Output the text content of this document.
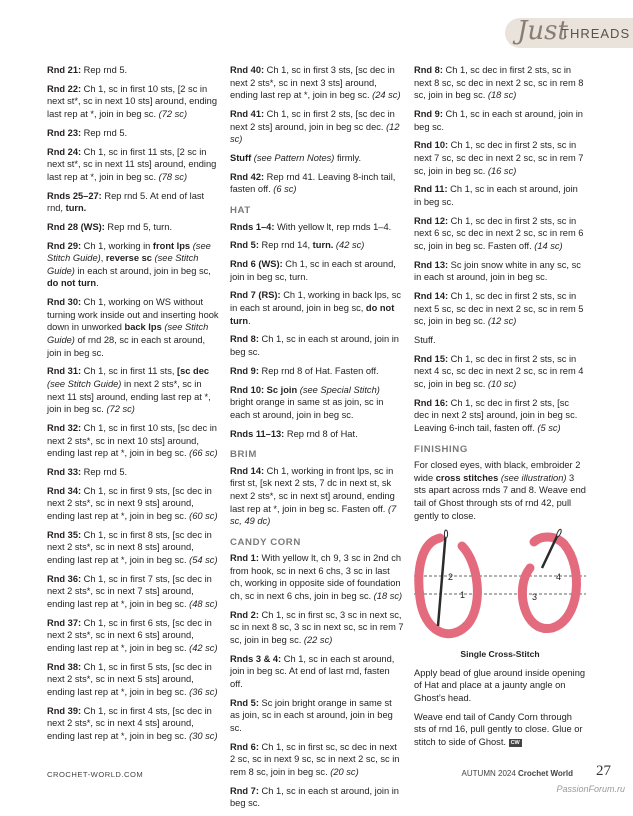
Just
THREADS

Rnd 21: Rep rnd 5.

Rnd 22: Ch 1, sc in first 10 sts, [2 sc in next st*, sc in next 10 sts] around, ending last rep at *, join in beg sc. (72 sc)

Rnd 23: Rep rnd 5.

Rnd 24: Ch 1, sc in first 11 sts, [2 sc in next st*, sc in next 11 sts] around, ending last rep at *, join in beg sc. (78 sc)

Rnds 25–27: Rep rnd 5. At end of last rnd, turn.

Rnd 28 (WS): Rep rnd 5, turn.

Rnd 29: Ch 1, working in front lps (see Stitch Guide), reverse sc (see Stitch Guide) in each st around, join in beg sc, do not turn.

Rnd 30: Ch 1, working on WS without turning work inside out and inserting hook down in unworked back lps (see Stitch Guide) of rnd 28, sc in each st around, join in beg sc.

Rnd 31: Ch 1, sc in first 11 sts, [sc dec (see Stitch Guide) in next 2 sts*, sc in next 11 sts] around, ending last rep at *, join in beg sc. (72 sc)

Rnd 32: Ch 1, sc in first 10 sts, [sc dec in next 2 sts*, sc in next 10 sts] around, ending last rep at *, join in beg sc. (66 sc)

Rnd 33: Rep rnd 5.

Rnd 34: Ch 1, sc in first 9 sts, [sc dec in next 2 sts*, sc in next 9 sts] around, ending last rep at *, join in beg sc. (60 sc)

Rnd 35: Ch 1, sc in first 8 sts, [sc dec in next 2 sts*, sc in next 8 sts] around, ending last rep at *, join in beg sc. (54 sc)

Rnd 36: Ch 1, sc in first 7 sts, [sc dec in next 2 sts*, sc in next 7 sts] around, ending last rep at *, join in beg sc. (48 sc)

Rnd 37: Ch 1, sc in first 6 sts, [sc dec in next 2 sts*, sc in next 6 sts] around, ending last rep at *, join in beg sc. (42 sc)

Rnd 38: Ch 1, sc in first 5 sts, [sc dec in next 2 sts*, sc in next 5 sts] around, ending last rep at *, join in beg sc. (36 sc)

Rnd 39: Ch 1, sc in first 4 sts, [sc dec in next 2 sts*, sc in next 4 sts] around, ending last rep at *, join in beg sc. (30 sc)

Rnd 40: Ch 1, sc in first 3 sts, [sc dec in next 2 sts*, sc in next 3 sts] around, ending last rep at *, join in beg sc. (24 sc)

Rnd 41: Ch 1, sc in first 2 sts, [sc dec in next 2 sts] around, join in beg sc dec. (12 sc)

Stuff (see Pattern Notes) firmly.

Rnd 42: Rep rnd 41. Leaving 8-inch tail, fasten off. (6 sc)

HAT

Rnds 1–4: With yellow lt, rep rnds 1–4.

Rnd 5: Rep rnd 14, turn. (42 sc)

Rnd 6 (WS): Ch 1, sc in each st around, join in beg sc, turn.

Rnd 7 (RS): Ch 1, working in back lps, sc in each st around, join in beg sc, do not turn.

Rnd 8: Ch 1, sc in each st around, join in beg sc.

Rnd 9: Rep rnd 8 of Hat. Fasten off.

Rnd 10: Sc join (see Special Stitch) bright orange in same st as join, sc in each st around, join in beg sc.

Rnds 11–13: Rep rnd 8 of Hat.

BRIM

Rnd 14: Ch 1, working in front lps, sc in first st, [sk next 2 sts, 7 dc in next st, sk next 2 sts*, sc in next st] around, ending last rep at *, join in beg sc. Fasten off. (7 sc, 49 dc)

CANDY CORN

Rnd 1: With yellow lt, ch 9, 3 sc in 2nd ch from hook, sc in next 6 chs, 3 sc in last ch, working in opposite side of foundation ch, sc in next 6 chs, join in beg sc. (18 sc)

Rnd 2: Ch 1, sc in first sc, 3 sc in next sc, sc in next 8 sc, 3 sc in next sc, sc in rem 7 sc, join in beg sc. (22 sc)

Rnds 3 & 4: Ch 1, sc in each st around, join in beg sc. At end of last rnd, fasten off.

Rnd 5: Sc join bright orange in same st as join, sc in each st around, join in beg sc.

Rnd 6: Ch 1, sc in first sc, sc dec in next 2 sc, sc in next 9 sc, sc in next 2 sc, sc in rem 8 sc, join in beg sc. (20 sc)

Rnd 7: Ch 1, sc in each st around, join in beg sc.

Rnd 8: Ch 1, sc dec in first 2 sts, sc in next 8 sc, sc dec in next 2 sc, sc in rem 8 sc, join in beg sc. (18 sc)

Rnd 9: Ch 1, sc in each st around, join in beg sc.

Rnd 10: Ch 1, sc dec in first 2 sts, sc in next 7 sc, sc dec in next 2 sc, sc in rem 7 sc, join in beg sc. (16 sc)

Rnd 11: Ch 1, sc in each st around, join in beg sc.

Rnd 12: Ch 1, sc dec in first 2 sts, sc in next 6 sc, sc dec in next 2 sc, sc in rem 6 sc, join in beg sc. Fasten off. (14 sc)

Rnd 13: Sc join snow white in any sc, sc in each st around, join in beg sc.

Rnd 14: Ch 1, sc dec in first 2 sts, sc in next 5 sc, sc dec in next 2 sc, sc in rem 5 sc, join in beg sc. (12 sc)

Stuff.

Rnd 15: Ch 1, sc dec in first 2 sts, sc in next 4 sc, sc dec in next 2 sc, sc in rem 4 sc, join in beg sc. (10 sc)

Rnd 16: Ch 1, sc dec in first 2 sts, [sc dec in next 2 sts] around, join in beg sc. Leaving 6-inch tail, fasten off. (5 sc)

FINISHING

For closed eyes, with black, embroider 2 wide cross stitches (see illustration) 3 sts apart across rnds 7 and 8. Weave end tail of Ghost through sts of rnd 42, pull gently to close.

2
1
4
3
Single Cross-Stitch

Apply bead of glue around inside opening of Hat and place at a jaunty angle on Ghost’s head.

Weave end tail of Candy Corn through sts of rnd 16, pull gently to close. Glue or stitch to side of Ghost. CW

CROCHET-WORLD.COM	AUTUMN 2024 Crochet World 27
PassionForum.ru
